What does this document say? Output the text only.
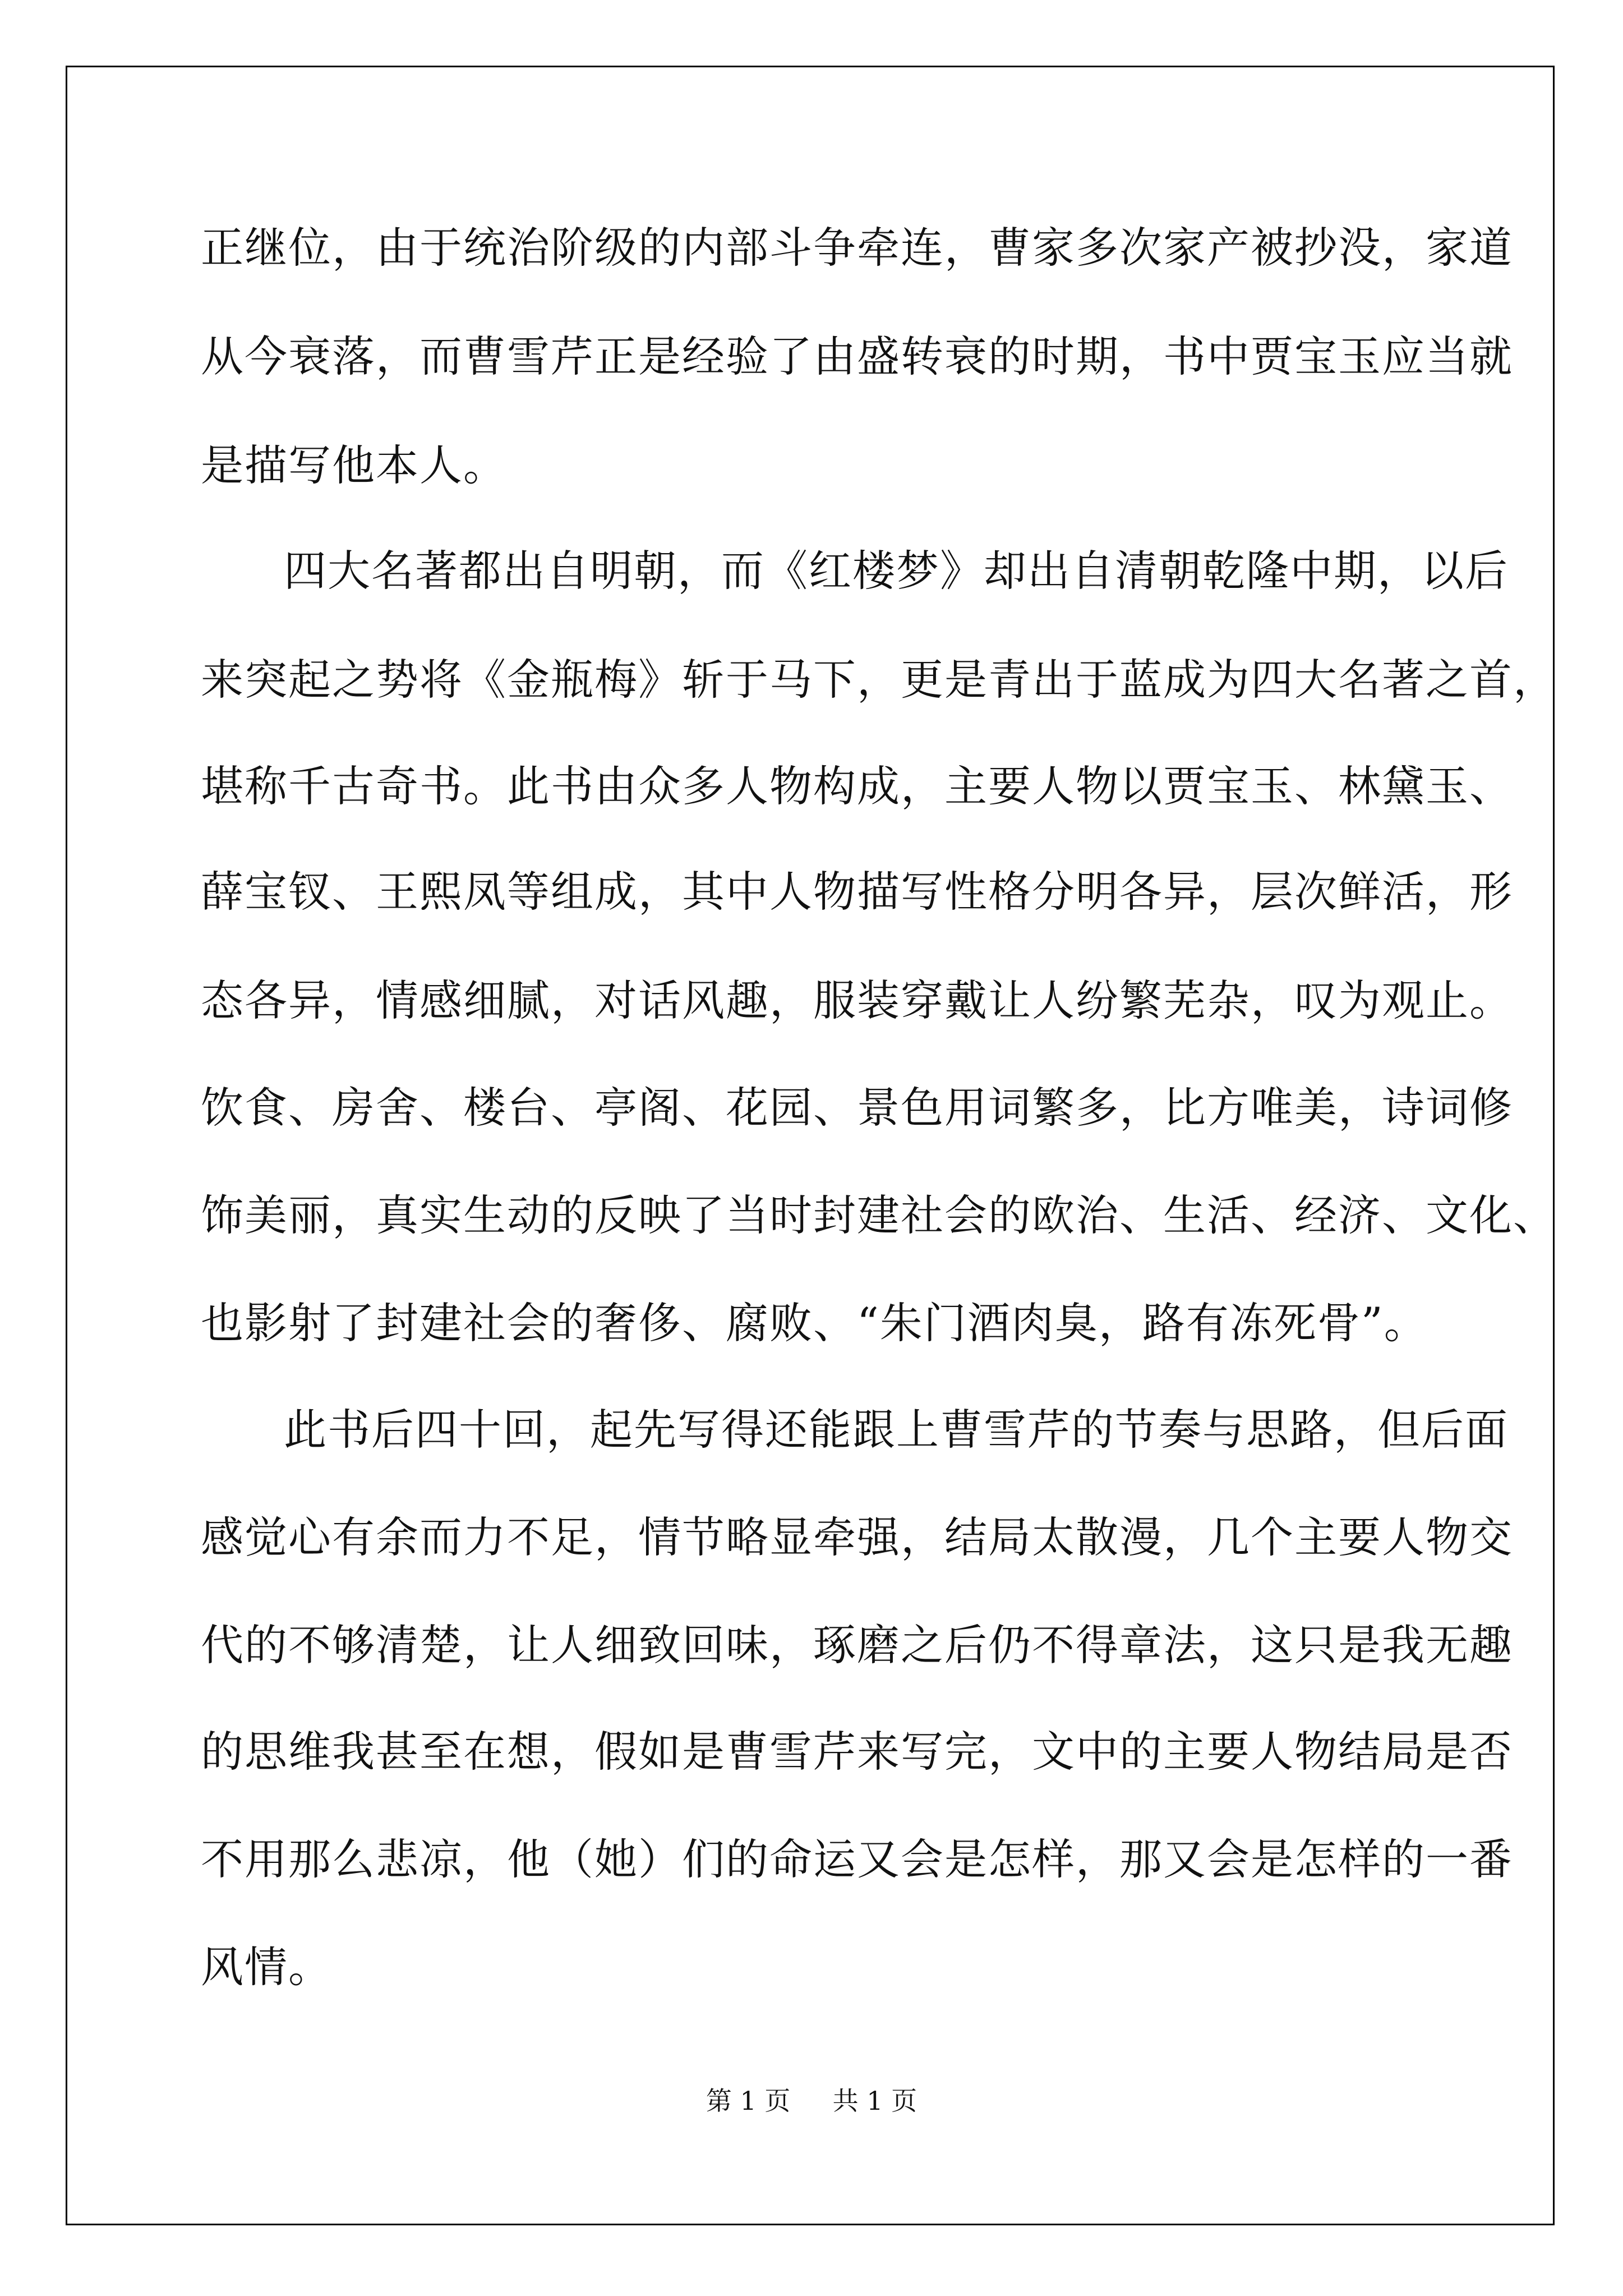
正继位，由于统治阶级的内部斗争牵连，曹家多次家产被抄没，家道

从今衰落，而曹雪芹正是经验了由盛转衰的时期，书中贾宝玉应当就

是描写他本人。

四大名著都出自明朝，而《红楼梦》却出自清朝乾隆中期，以后

来突起之势将《金瓶梅》斩于马下，更是青出于蓝成为四大名著之首，

堪称千古奇书。此书由众多人物构成，主要人物以贾宝玉、林黛玉、

薛宝钗、王熙凤等组成，其中人物描写性格分明各异，层次鲜活，形

态各异，情感细腻，对话风趣，服装穿戴让人纷繁芜杂，叹为观止。

饮食、房舍、楼台、亭阁、花园、景色用词繁多，比方唯美，诗词修

饰美丽，真实生动的反映了当时封建社会的欧治、生活、经济、文化、

也影射了封建社会的奢侈、腐败、“朱门酒肉臭，路有冻死骨”。

此书后四十回，起先写得还能跟上曹雪芹的节奏与思路，但后面

感觉心有余而力不足，情节略显牵强，结局太散漫，几个主要人物交

代的不够清楚，让人细致回味，琢磨之后仍不得章法，这只是我无趣

的思维我甚至在想，假如是曹雪芹来写完，文中的主要人物结局是否

不用那么悲凉，他（她）们的命运又会是怎样，那又会是怎样的一番

风情。

第 1 页 共 1 页
